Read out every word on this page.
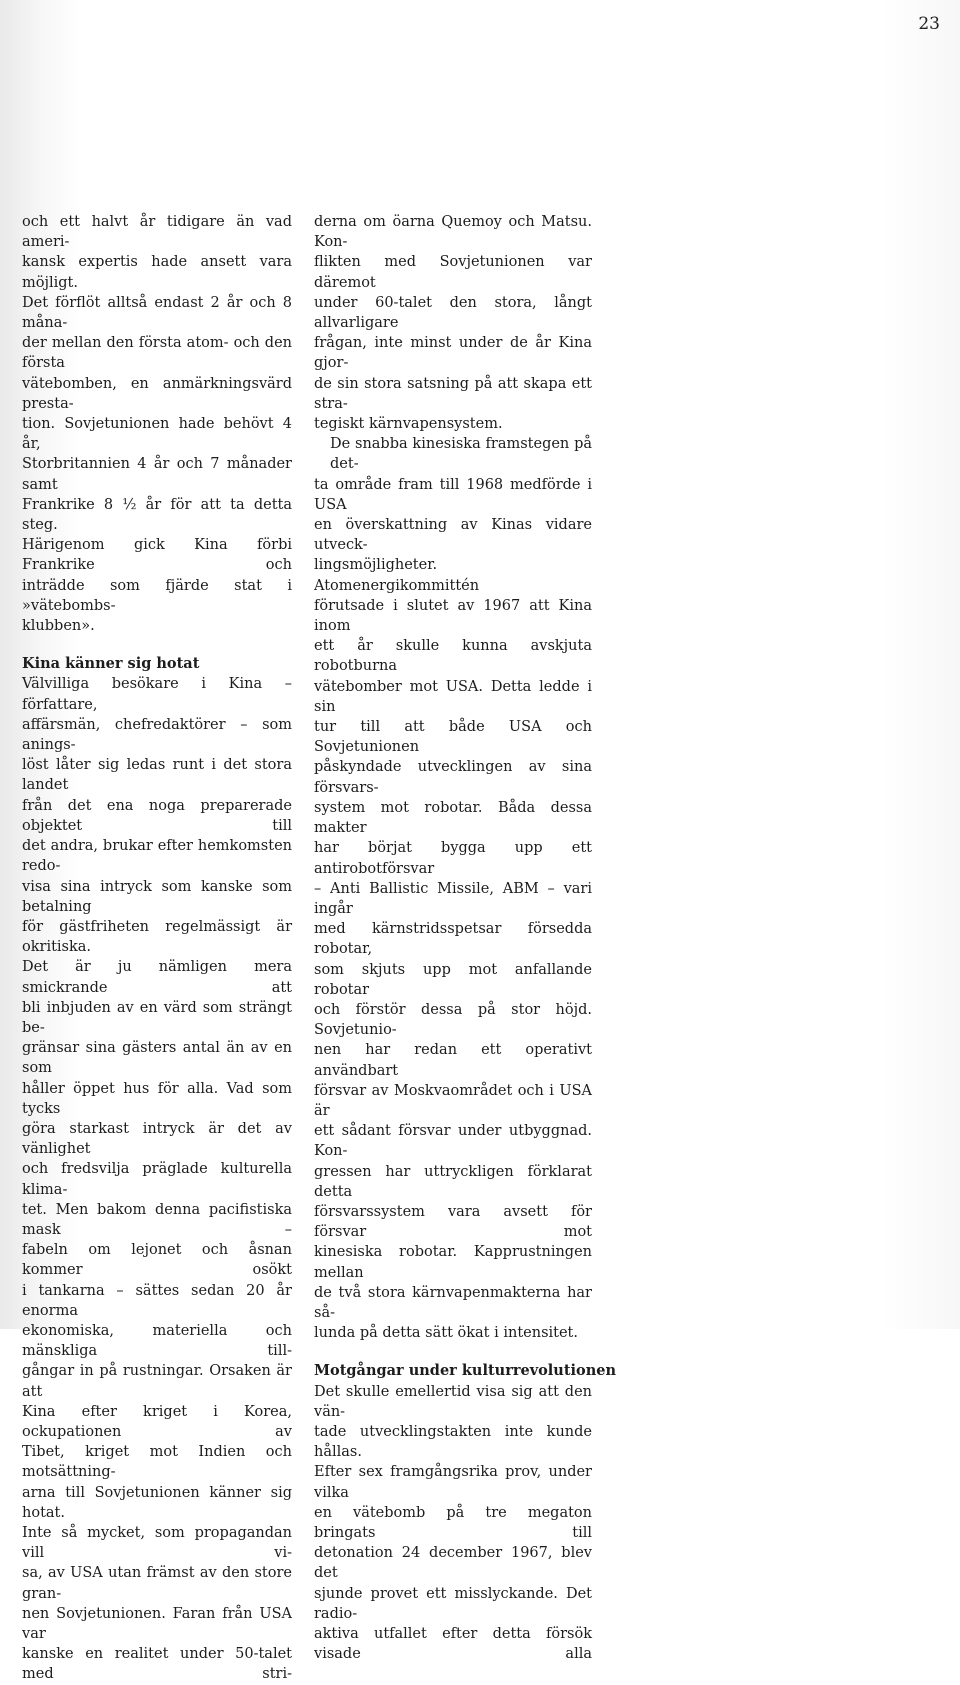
23
och ett halvt år tidigare än vad ameri-
kansk expertis hade ansett vara möjligt.
Det förflöt alltså endast 2 år och 8 måna-
der mellan den första atom- och den första
vätebomben, en anmärkningsvärd presta-
tion. Sovjetunionen hade behövt 4 år,
Storbritannien 4 år och 7 månader samt
Frankrike 8 ½ år för att ta detta steg.
Härigenom gick Kina förbi Frankrike och
inträdde som fjärde stat i »vätebombs-
klubben».
Kina känner sig hotat
Välvilliga besökare i Kina – författare,
affärsmän, chefredaktörer – som anings-
löst låter sig ledas runt i det stora landet
från det ena noga preparerade objektet till
det andra, brukar efter hemkomsten redo-
visa sina intryck som kanske som betalning
för gästfriheten regelmässigt är okritiska.
Det är ju nämligen mera smickrande att
bli inbjuden av en värd som strängt be-
gränsar sina gästers antal än av en som
håller öppet hus för alla. Vad som tycks
göra starkast intryck är det av vänlighet
och fredsvilja präglade kulturella klima-
tet. Men bakom denna pacifistiska mask –
fabeln om lejonet och åsnan kommer osökt
i tankarna – sättes sedan 20 år enorma
ekonomiska, materiella och mänskliga till-
gångar in på rustningar. Orsaken är att
Kina efter kriget i Korea, ockupationen av
Tibet, kriget mot Indien och motsättning-
arna till Sovjetunionen känner sig hotat.
Inte så mycket, som propagandan vill vi-
sa, av USA utan främst av den store gran-
nen Sovjetunionen. Faran från USA var
kanske en realitet under 50-talet med stri-
derna om öarna Quemoy och Matsu. Kon-
flikten med Sovjetunionen var däremot
under 60-talet den stora, långt allvarligare
frågan, inte minst under de år Kina gjor-
de sin stora satsning på att skapa ett stra-
tegiskt kärnvapensystem.
De snabba kinesiska framstegen på det-
ta område fram till 1968 medförde i USA
en överskattning av Kinas vidare utveck-
lingsmöjligheter. Atomenergikommittén
förutsade i slutet av 1967 att Kina inom
ett år skulle kunna avskjuta robotburna
vätebomber mot USA. Detta ledde i sin
tur till att både USA och Sovjetunionen
påskyndade utvecklingen av sina försvars-
system mot robotar. Båda dessa makter
har börjat bygga upp ett antirobotförsvar
– Anti Ballistic Missile, ABM – vari ingår
med kärnstridsspetsar försedda robotar,
som skjuts upp mot anfallande robotar
och förstör dessa på stor höjd. Sovjetunio-
nen har redan ett operativt användbart
försvar av Moskvaområdet och i USA är
ett sådant försvar under utbyggnad. Kon-
gressen har uttryckligen förklarat detta
försvarssystem vara avsett för försvar mot
kinesiska robotar. Kapprustningen mellan
de två stora kärnvapenmakterna har så-
lunda på detta sätt ökat i intensitet.
Motgångar under kulturrevolutionen
Det skulle emellertid visa sig att den vän-
tade utvecklingstakten inte kunde hållas.
Efter sex framgångsrika prov, under vilka
en vätebomb på tre megaton bringats till
detonation 24 december 1967, blev det
sjunde provet ett misslyckande. Det radio-
aktiva utfallet efter detta försök visade alla
